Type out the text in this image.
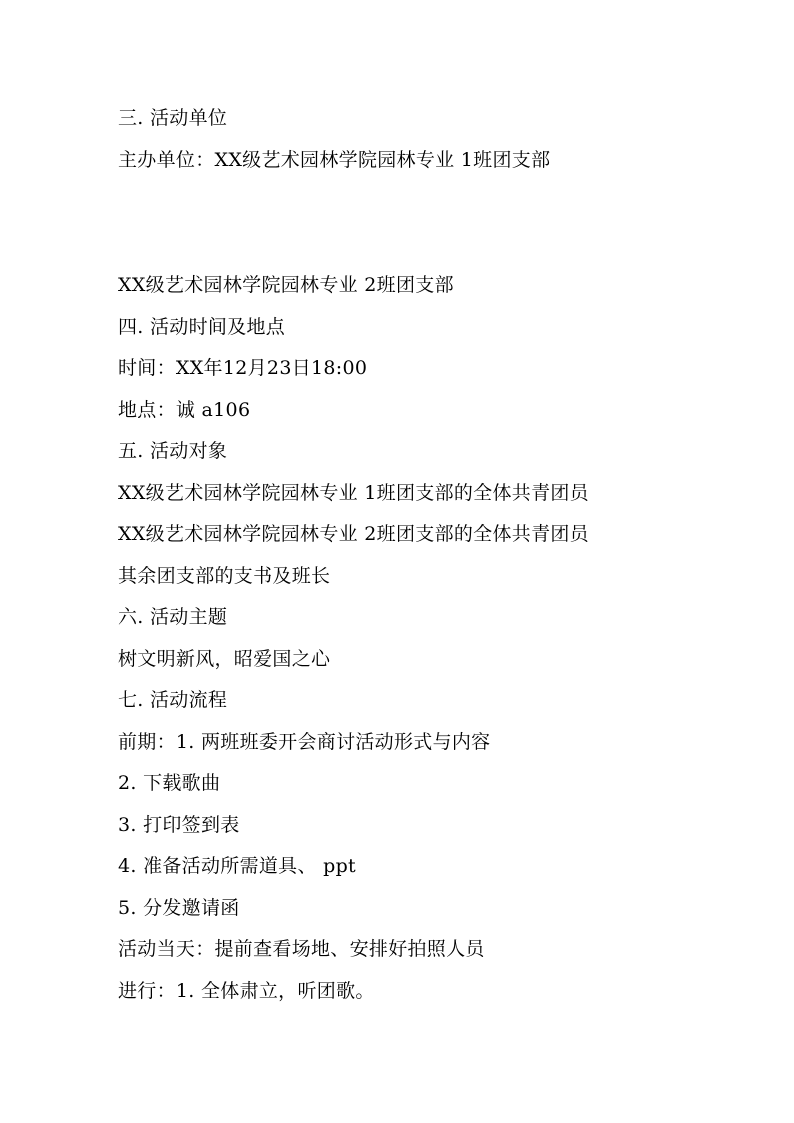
三. 活动单位
主办单位：XX级艺术园林学院园林专业 1班团支部
XX级艺术园林学院园林专业 2班团支部
四. 活动时间及地点
时间：XX年12月23日18:00
地点：诚 a106
五. 活动对象
XX级艺术园林学院园林专业 1班团支部的全体共青团员
XX级艺术园林学院园林专业 2班团支部的全体共青团员
其余团支部的支书及班长
六. 活动主题
树文明新风，昭爱国之心
七. 活动流程
前期：1. 两班班委开会商讨活动形式与内容
2. 下载歌曲
3. 打印签到表
4. 准备活动所需道具、 ppt
5. 分发邀请函
活动当天：提前查看场地、安排好拍照人员
进行：1. 全体肃立，听团歌。
